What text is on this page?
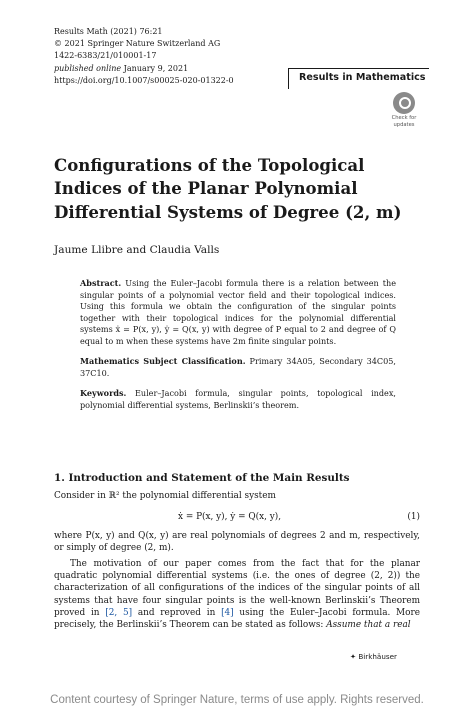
Results Math (2021) 76:21
© 2021 Springer Nature Switzerland AG
1422-6383/21/010001-17
published online January 9, 2021
https://doi.org/10.1007/s00025-020-01322-0	Results in Mathematics
Check for
updates
Configurations of the Topological Indices of the Planar Polynomial Differential Systems of Degree (2, m)
Jaume Llibre and Claudia Valls

Abstract. Using the Euler–Jacobi formula there is a relation between the singular points of a polynomial vector field and their topological indices. Using this formula we obtain the configuration of the singular points together with their topological indices for the polynomial differential systems ẋ = P(x, y), ẏ = Q(x, y) with degree of P equal to 2 and degree of Q equal to m when these systems have 2m finite singular points.

Mathematics Subject Classification. Primary 34A05, Secondary 34C05, 37C10.

Keywords. Euler–Jacobi formula, singular points, topological index, polynomial differential systems, Berlinskii’s theorem.

1. Introduction and Statement of the Main Results
Consider in ℝ² the polynomial differential system
ẋ = P(x, y), ẏ = Q(x, y),	(1)
where P(x, y) and Q(x, y) are real polynomials of degrees 2 and m, respectively, or simply of degree (2, m).
The motivation of our paper comes from the fact that for the planar quadratic polynomial differential systems (i.e. the ones of degree (2, 2)) the characterization of all configurations of the indices of the singular points of all systems that have four singular points is the well-known Berlinskii’s Theorem proved in [2, 5] and reproved in [4] using the Euler–Jacobi formula. More precisely, the Berlinskii’s Theorem can be stated as follows: Assume that a real
✦ Birkhäuser
Content courtesy of Springer Nature, terms of use apply. Rights reserved.
